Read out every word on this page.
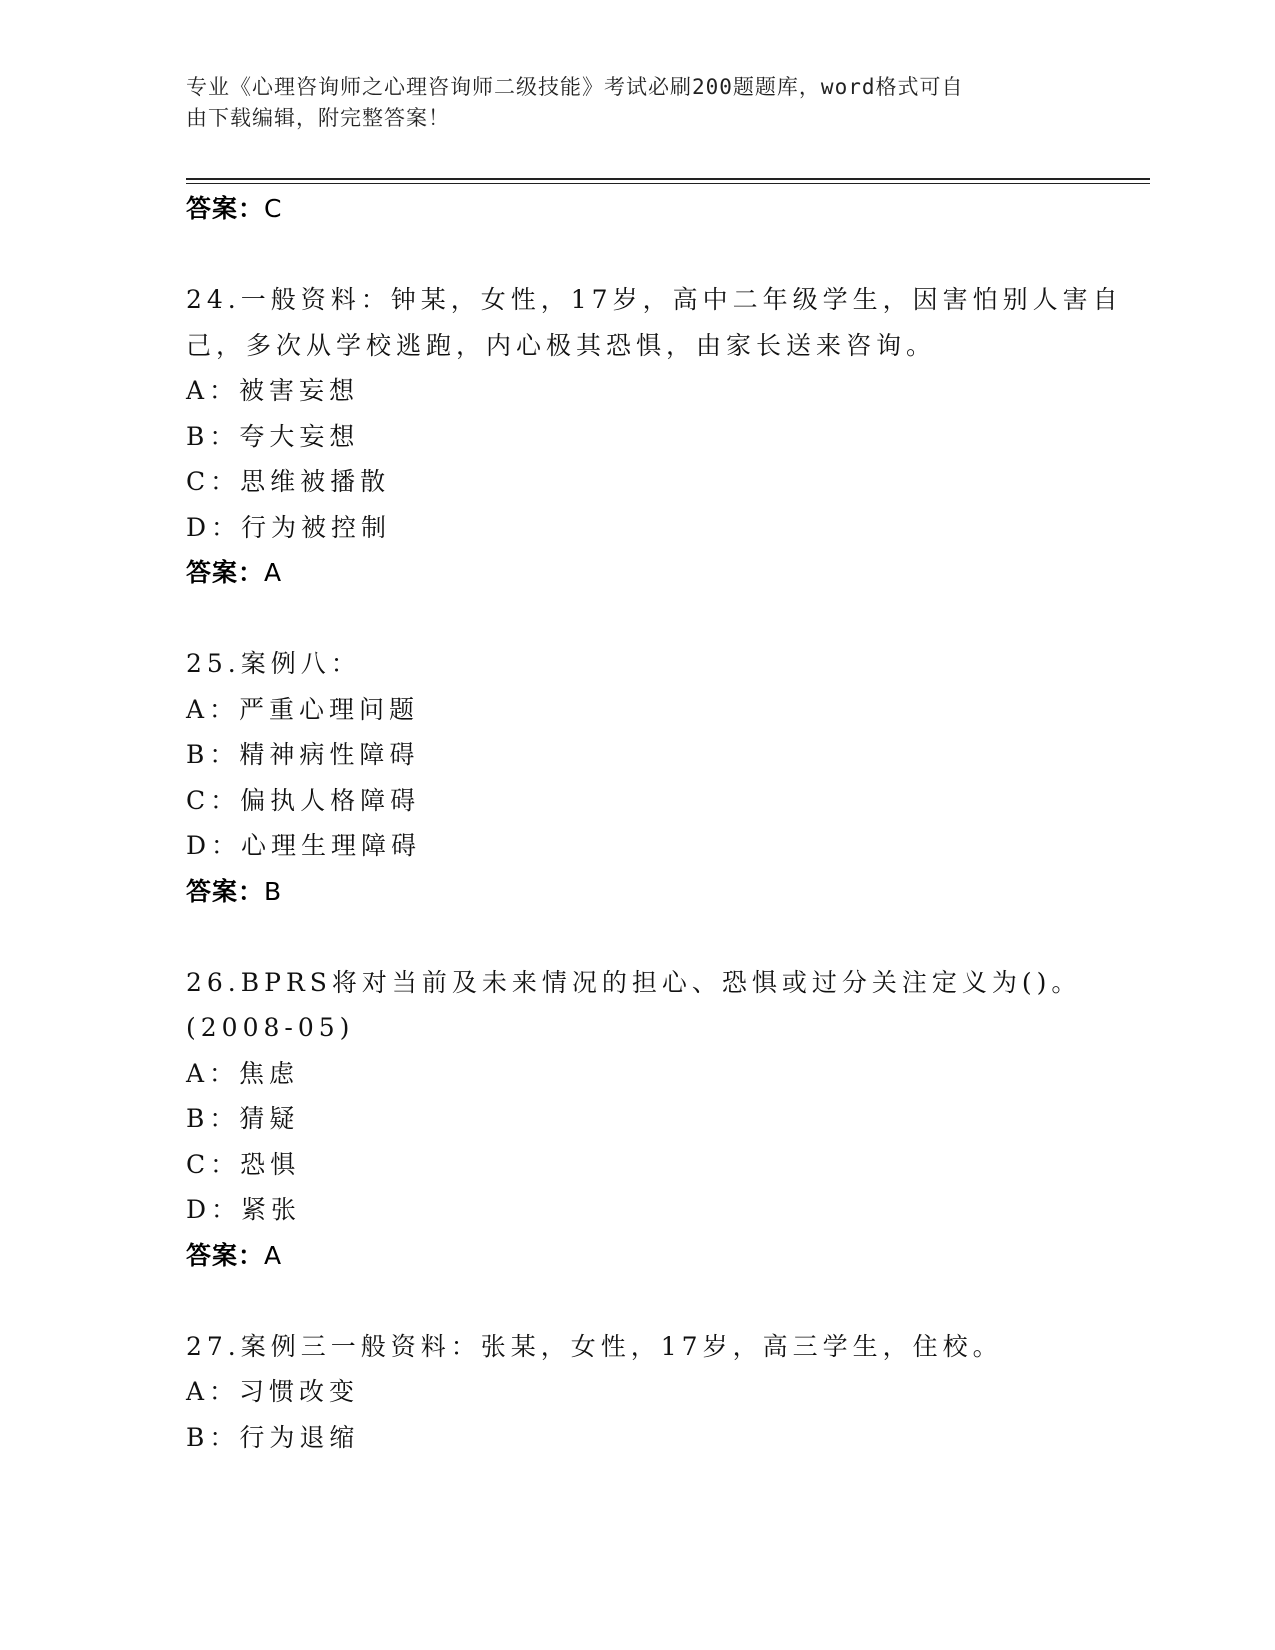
专业《心理咨询师之心理咨询师二级技能》考试必刷200题题库，word格式可自
由下载编辑，附完整答案！
答案：C
24.一般资料：钟某，女性，17岁，高中二年级学生，因害怕别人害自
己，多次从学校逃跑，内心极其恐惧，由家长送来咨询。
A：被害妄想
B：夸大妄想
C：思维被播散
D：行为被控制
答案：A
25.案例八：
A：严重心理问题
B：精神病性障碍
C：偏执人格障碍
D：心理生理障碍
答案：B
26.BPRS将对当前及未来情况的担心、恐惧或过分关注定义为()。
(2008-05)
A：焦虑
B：猜疑
C：恐惧
D：紧张
答案：A
27.案例三一般资料：张某，女性，17岁，高三学生，住校。
A：习惯改变
B：行为退缩
